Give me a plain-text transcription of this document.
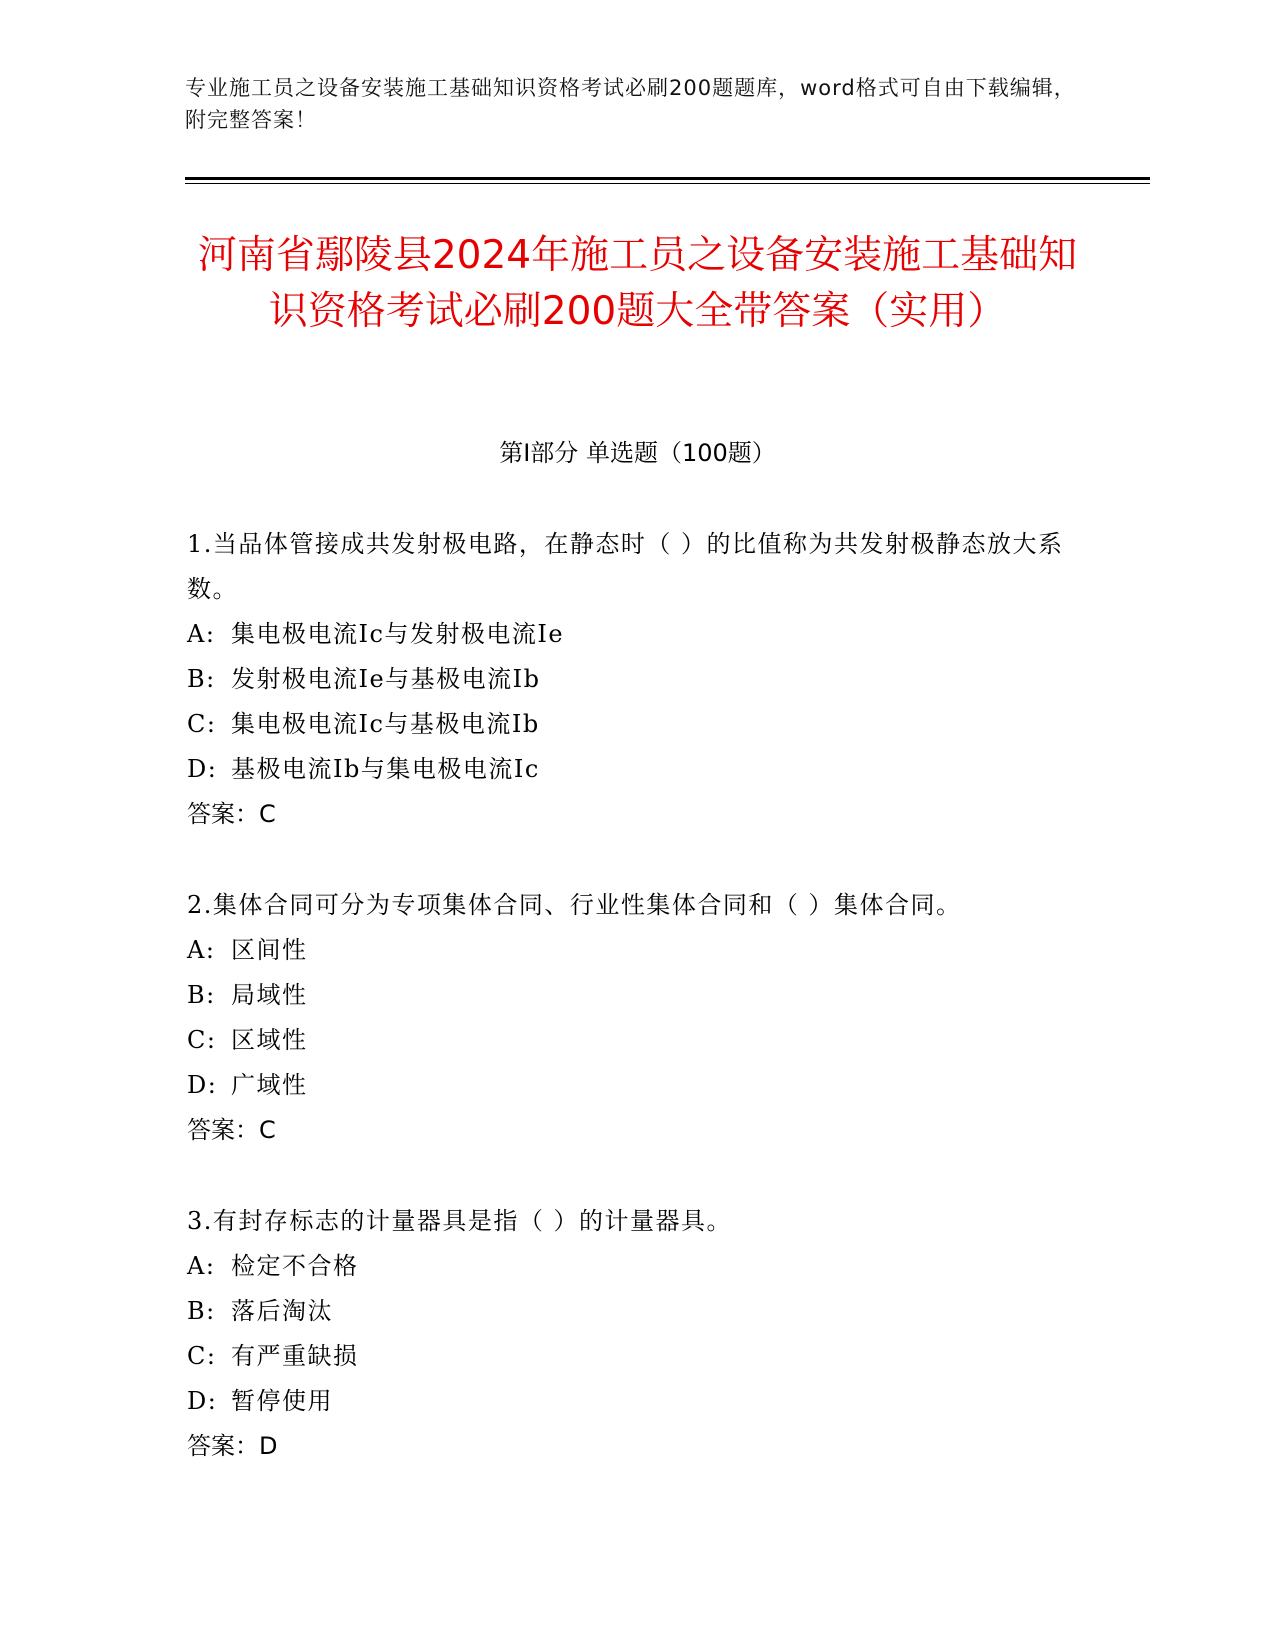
专业施工员之设备安装施工基础知识资格考试必刷200题题库，word格式可自由下载编辑，附完整答案！
河南省鄢陵县2024年施工员之设备安装施工基础知识资格考试必刷200题大全带答案（实用）
第I部分 单选题（100题）

1.当品体管接成共发射极电路，在静态时（ ）的比值称为共发射极静态放大系数。

A: 集电极电流Ic与发射极电流Ie

B: 发射极电流Ie与基极电流Ib

C: 集电极电流Ic与基极电流Ib

D: 基极电流Ib与集电极电流Ic

答案：C

2.集体合同可分为专项集体合同、行业性集体合同和（ ）集体合同。

A: 区间性

B: 局域性

C: 区域性

D: 广域性

答案：C

3.有封存标志的计量器具是指（ ）的计量器具。

A: 检定不合格

B: 落后淘汰

C: 有严重缺损

D: 暂停使用

答案：D
